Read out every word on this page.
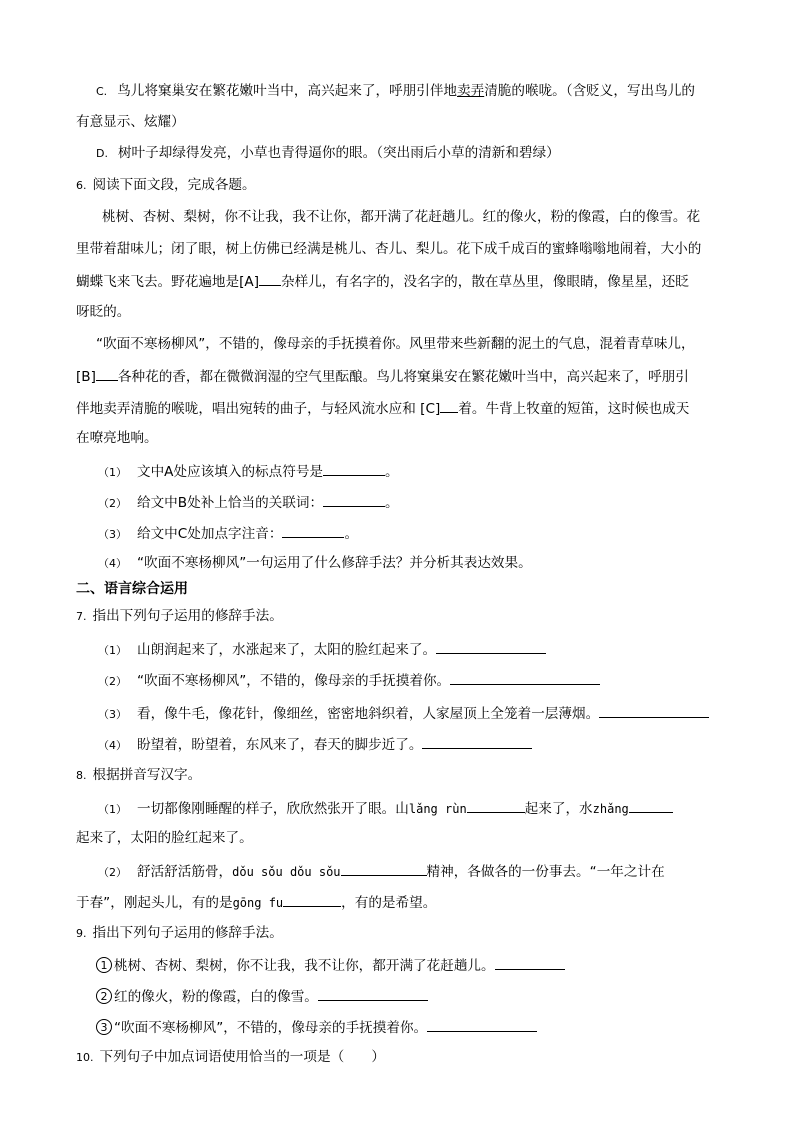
C. 鸟儿将窠巢安在繁花嫩叶当中，高兴起来了，呼朋引伴地卖弄清脆的喉咙。（含贬义，写出鸟儿的
有意显示、炫耀）
D. 树叶子却绿得发亮，小草也青得逼你的眼。（突出雨后小草的清新和碧绿）
6. 阅读下面文段，完成各题。
桃树、杏树、梨树，你不让我，我不让你，都开满了花赶趟儿。红的像火，粉的像霞，白的像雪。花
里带着甜味儿；闭了眼，树上仿佛已经满是桃儿、杏儿、梨儿。花下成千成百的蜜蜂嗡嗡地闹着，大小的
蝴蝶飞来飞去。野花遍地是[A] 杂样儿，有名字的，没名字的，散在草丛里，像眼睛，像星星，还眨
呀眨的。
“吹面不寒杨柳风”，不错的，像母亲的手抚摸着你。风里带来些新翻的泥土的气息，混着青草味儿，
[B] 各种花的香，都在微微润湿的空气里酝酿。鸟儿将窠巢安在繁花嫩叶当中，高兴起来了，呼朋引
伴地卖弄清脆的喉咙，唱出宛转的曲子，与轻风流水应和 [C] 着。牛背上牧童的短笛，这时候也成天
在嘹亮地响。
（1） 文中A处应该填入的标点符号是	。
（2） 给文中B处补上恰当的关联词：	。
（3） 给文中C处加点字注音：	。
（4） “吹面不寒杨柳风”一句运用了什么修辞手法？并分析其表达效果。
二、语言综合运用
7. 指出下列句子运用的修辞手法。
（1） 山朗润起来了，水涨起来了，太阳的脸红起来了。
（2） “吹面不寒杨柳风”，不错的，像母亲的手抚摸着你。
（3） 看，像牛毛，像花针，像细丝，密密地斜织着，人家屋顶上全笼着一层薄烟。
（4） 盼望着，盼望着，东风来了，春天的脚步近了。
8. 根据拼音写汉字。
（1） 一切都像刚睡醒的样子，欣欣然张开了眼。山lǎng rùn	起来了，水zhǎng
起来了，太阳的脸红起来了。
（2） 舒活舒活筋骨，dǒu sǒu dǒu sǒu	精神，各做各的一份事去。“一年之计在
于春”，刚起头儿，有的是gōng fu	，有的是希望。
9. 指出下列句子运用的修辞手法。
1 桃树、杏树、梨树，你不让我，我不让你，都开满了花赶趟儿。
2 红的像火，粉的像霞，白的像雪。
3 “吹面不寒杨柳风”，不错的，像母亲的手抚摸着你。
10. 下列句子中加点词语使用恰当的一项是（　　）
